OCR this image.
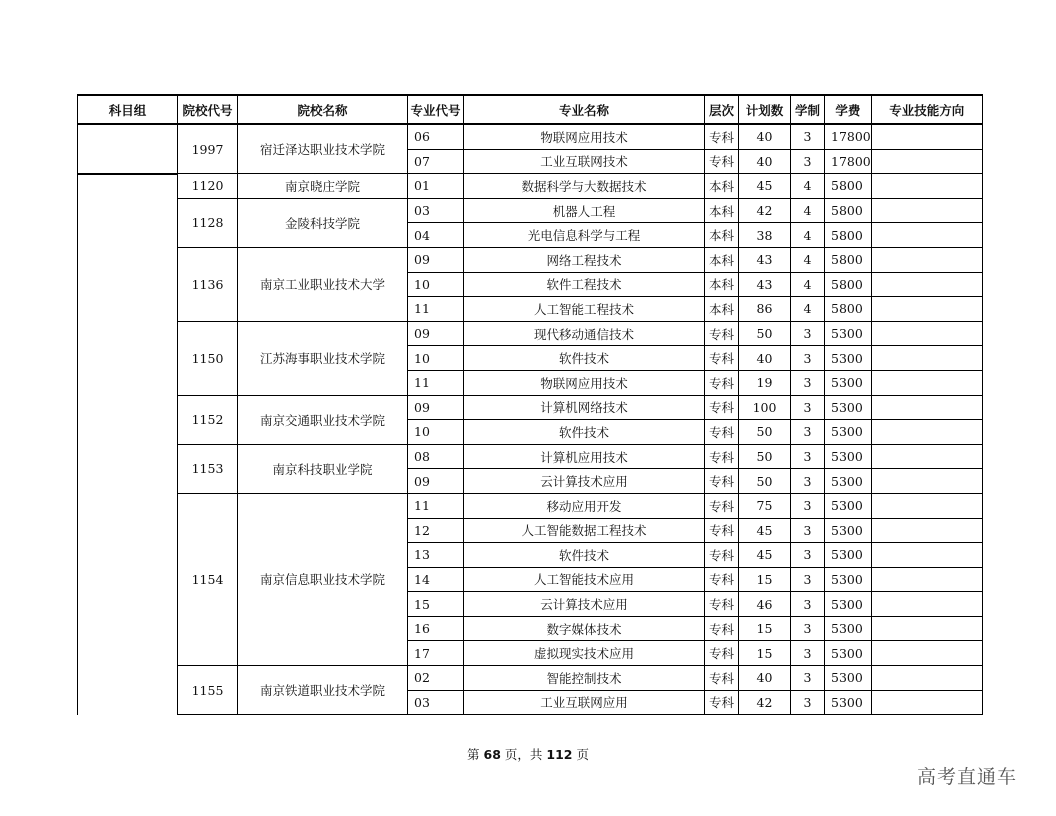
科目组	院校代号	院校名称	专业代号	专业名称	层次	计划数	学制	学费	专业技能方向
	1997	宿迁泽达职业技术学院	06	物联网应用技术	专科	40	3	17800	
			07	工业互联网技术	专科	40	3	17800	
	1120	南京晓庄学院	01	数据科学与大数据技术	本科	45	4	5800	
	1128	金陵科技学院	03	机器人工程	本科	42	4	5800	
			04	光电信息科学与工程	本科	38	4	5800	
	1136	南京工业职业技术大学	09	网络工程技术	本科	43	4	5800	
			10	软件工程技术	本科	43	4	5800	
			11	人工智能工程技术	本科	86	4	5800	
	1150	江苏海事职业技术学院	09	现代移动通信技术	专科	50	3	5300	
			10	软件技术	专科	40	3	5300	
			11	物联网应用技术	专科	19	3	5300	
	1152	南京交通职业技术学院	09	计算机网络技术	专科	100	3	5300	
			10	软件技术	专科	50	3	5300	
	1153	南京科技职业学院	08	计算机应用技术	专科	50	3	5300	
			09	云计算技术应用	专科	50	3	5300	
	1154	南京信息职业技术学院	11	移动应用开发	专科	75	3	5300	
			12	人工智能数据工程技术	专科	45	3	5300	
			13	软件技术	专科	45	3	5300	
			14	人工智能技术应用	专科	15	3	5300	
			15	云计算技术应用	专科	46	3	5300	
			16	数字媒体技术	专科	15	3	5300	
			17	虚拟现实技术应用	专科	15	3	5300	
	1155	南京铁道职业技术学院	02	智能控制技术	专科	40	3	5300	
			03	工业互联网应用	专科	42	3	5300	
第 68 页，共 112 页
高考直通车
